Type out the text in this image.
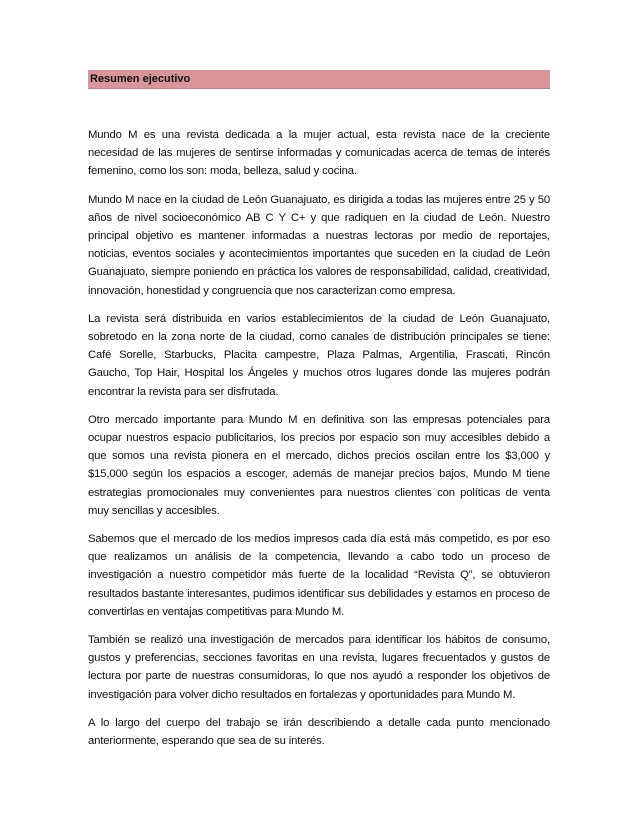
Resumen ejecutivo

Mundo M es una revista dedicada a la mujer actual, esta revista nace de la creciente necesidad de las mujeres de sentirse informadas y comunicadas acerca de temas de interés femenino, como los son: moda, belleza, salud y cocina.

Mundo M nace en la ciudad de León Guanajuato, es dirigida a todas las mujeres entre 25 y 50 años de nivel socioeconómico AB C Y C+ y que radiquen en la ciudad de León. Nuestro principal objetivo es mantener informadas a nuestras lectoras por medio de reportajes, noticias, eventos sociales y acontecimientos importantes que suceden en la ciudad de León Guanajuato, siempre poniendo en práctica los valores de responsabilidad, calidad, creatividad, innovación, honestidad y congruencia que nos caracterizan como empresa.

La revista será distribuida en varios establecimientos de la ciudad de León Guanajuato, sobretodo en la zona norte de la ciudad, como canales de distribución principales se tiene: Café Sorelle, Starbucks, Placita campestre, Plaza Palmas, Argentilia, Frascati, Rincón Gaucho, Top Hair, Hospital los Ángeles y muchos otros lugares donde las mujeres podrán encontrar la revista para ser disfrutada.

Otro mercado importante para Mundo M en definitiva son las empresas potenciales para ocupar nuestros espacio publicitarios, los precios por espacio son muy accesibles debido a que somos una revista pionera en el mercado, dichos precios oscilan entre los $3,000 y $15,000 según los espacios a escoger, además de manejar precios bajos, Mundo M tiene estrategias promocionales muy convenientes para nuestros clientes con políticas de venta muy sencillas y accesibles.

Sabemos que el mercado de los medios impresos cada día está más competido, es por eso que realizamos un análisis de la competencia, llevando a cabo todo un proceso de investigación a nuestro competidor más fuerte de la localidad “Revista Q”, se obtuvieron resultados bastante interesantes, pudimos identificar sus debilidades y estamos en proceso de convertirlas en ventajas competitivas para Mundo M.

También se realizó una investigación de mercados para identificar los hábitos de consumo, gustos y preferencias, secciones favoritas en una revista, lugares frecuentados y gustos de lectura por parte de nuestras consumidoras, lo que nos ayudó a responder los objetivos de investigación para volver dicho resultados en fortalezas y oportunidades para Mundo M.

A lo largo del cuerpo del trabajo se irán describiendo a detalle cada punto mencionado anteriormente, esperando que sea de su interés.
